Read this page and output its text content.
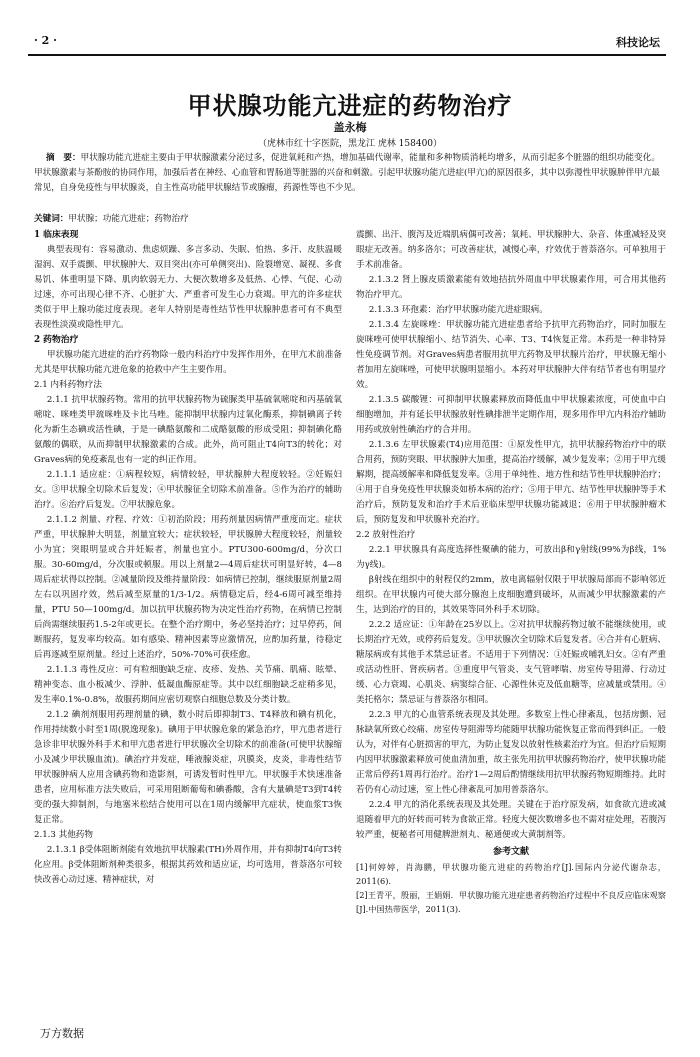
· 2 ·	科技论坛
甲状腺功能亢进症的药物治疗
盖永梅
（虎林市红十字医院，黑龙江 虎林 158400）
摘　要：甲状腺功能亢进症主要由于甲状腺激素分泌过多，促进氧耗和产热，增加基础代谢率，能量和多种物质消耗均增多，从而引起多个脏器的组织功能变化。甲状腺激素与茶酚胺的协同作用，加强后者在神经、心血管和胃肠道等脏器的兴奋和刺激。引起甲状腺功能亢进症(甲亢)的原因很多，其中以弥漫性甲状腺肿伴甲亢最常见，自身免疫性与甲状腺炎，自主性高功能甲状腺结节或腺瘤，药源性等也不少见。
关键词：甲状腺；功能亢进症；药物治疗
1 临床表现

典型表现有：容易激动、焦虑烦躁、多言多动、失眠、怕热、多汗、皮肤温暖湿润、双手震颤、甲状腺肿大、双目突出(亦可单侧突出)、险裂增宽、凝视、多食易饥、体重明显下降、肌肉软弱无力、大便次数增多及低热、心悸、气促、心动过速，亦可出现心律不齐、心脏扩大、严重者可发生心力衰竭。甲亢的许多症状类似于甲上腺功能过度表现。老年人特别是毒性结节性甲状腺肿患者可有不典型表现性淡漠或隐性甲亢。

2 药物治疗

甲状腺功能亢进症的治疗药物除一般内科治疗中发挥作用外，在甲亢术前准备尤其是甲状腺功能亢进危象的抢救中产生主要作用。

2.1 内科药物疗法

2.1.1 抗甲状腺药物。常用的抗甲状腺药物为硫脲类甲基硫氧嘧啶和丙基硫氧嘧啶、咪唑类甲巯咪唑及卡比马唑。能抑制甲状腺内过氧化酶系，抑制碘离子转化为新生态碘或活性碘，于是一碘酪氨酸和二成酪氨酸的形成受阻；抑制碘化酪氨酸的偶联，从而抑制甲状腺激素的合成。此外，尚可阻止T4向T3的转化；对Graves病的免疫紊乱也有一定的纠正作用。

2.1.1.1 适应症：①病程较短，病情较轻，甲状腺肿大程度较轻。②妊娠妇女。③甲状腺全切除术后复发；④甲状腺征全切除术前准备。⑤作为治疗的辅助治疗。⑥治疗后复发。⑦甲状腺危象。

2.1.1.2 剂量、疗程、疗效：①初治阶段；用药剂量因病情严重度而定。症状严重，甲状腺肿大明显，剂量宜较大；症状较轻，甲状腺肿大程度较轻，剂量较小为宜；突眼明显或合并妊娠者，剂量也宜小。PTU300-600mg/d，分次口服。30-60mg/d，分次服或顿服。用以上剂量2—4周后症状可明显好转，4—8周后症状得以控制。②减量阶段及维持量阶段：如病情已控制，继续服原剂量2周左右以巩固疗效，然后减至原量的1/3-1/2。病情稳定后，经4-6周可减至维持量，PTU 50—100mg/d。加以抗甲状腺药物为决定性治疗药物，在病情已控制后尚需继续服药1.5-2年或更长。在整个治疗期中，务必坚持治疗；过早停药，间断服药，复发率均较高。如有感染、精神因素等应激情况，应酌加药量，待稳定后再逐减至原剂量。经过上述治疗，50%-70%可获痊愈。

2.1.1.3 毒性反应：可有粒细胞缺乏症、皮疹、发热、关节痛、肌痛、眩晕、精神变态、血小板减少、浮肿、低凝血酶原症等。其中以红细胞缺乏症稍多见，发生率0.1%-0.8%，故服药期间应密切观察白细胞总数及分类计数。

2.1.2 碘剂剂服用药理剂量的碘，数小时后即抑制T3、T4释放和碘有机化，作用持续数小时至1周(脱逸现象)。碘用于甲状腺危象的紧急治疗，甲亢患者进行急诊非甲状腺外科手术和甲亢患者进行甲状腺次全切除术的前准备(可使甲状腺缩小及减少甲状腺血流)。碘治疗并发症，唾液腺炎症，巩膜炎，皮炎，非毒性结节甲状腺肿病人应用含碘药物和造影剂，可诱发暂时性甲亢。甲状腺手术快速准备患者，应用标准方法失败后，可采用阻断葡萄和碘番酸，含有大量碘是T3到T4转变的强大抑制剂，与地塞米松结合使用可以在1周内缓解甲亢症状，使血浆T3恢复正常。

2.1.3 其他药物

2.1.3.1 β受体阻断剂能有效地抗甲状腺素(TH)外周作用，并有抑制T4向T3转化应用。β受体阻断剂种类很多，根据其药效和适应证，均可选用，普萘洛尔可较快改善心动过速、精神症状，对

震颤、出汗、腹泻及近端肌病偶可改善；氧耗、甲状腺肿大、杂音、体重减轻及突眼症无改善。纳多洛尔；可改善症状，减慢心率，疗效优于普萘洛尔。可单独用于手术前准备。

2.1.3.2 肾上腺皮质激素能有效地拮抗外周血中甲状腺素作用，可合用其他药物治疗甲亢。

2.1.3.3 环孢素：治疗甲状腺功能亢进症眼病。

2.1.3.4 左旋咪唑：甲状腺功能亢进症患者给予抗甲亢药物治疗，同时加服左旋咪唑可使甲状腺缩小、结节消失、心率、T3、T4恢复正常。本药是一种非特异性免疫调节剂。对Graves病患者服用抗甲亢药物及甲状腺片治疗，甲状腺无缩小者加用左旋咪唑，可使甲状腺明显缩小。本药对甲状腺肿大伴有结节者也有明显疗效。

2.1.3.5 碳酸锂：可抑制甲状腺素释放而降低血中甲状腺素浓度，可使血中白细胞增加，并有延长甲状腺放射性碘排泄半定期作用，现多用作甲亢内科治疗辅助用药或放射性碘治疗的合并用。

2.1.3.6 左甲状腺素(T4)应用范围：①原发性甲亢，抗甲状腺药物治疗中的联合用药，预防突眼、甲状腺肿大加重，提高治疗缓解，减少复发率；②用于甲亢缓解期，提高缓解率和降低复发率。③用于单纯性、地方性和结节性甲状腺肿治疗；④用于自身免疫性甲状腺炎如桥本病的治疗；⑤用于甲亢、结节性甲状腺肿等手术治疗后，预防复发和治疗手术后亚临床型甲状腺功能减退；⑥用于甲状腺肿瘤术后，预防复发和甲状腺补充治疗。

2.2 放射性治疗

2.2.1 甲状腺具有高度选择性聚碘的能力，可放出β和γ射线(99%为β线，1%为γ线)。

β射线在组织中的射程仅约2mm，放电离辐射仅限于甲状腺局部而不影响邻近组织。在甲状腺内可使大部分腺泡上皮细胞遭到破坏，从而减少甲状腺激素的产生，达到治疗的目的，其效果等同外科手术切除。

2.2.2 适应证：①年龄在25岁以上。②对抗甲状腺药物过敏不能继续使用，或长期治疗无效，或停药后复发。③甲状腺次全切除术后复发者。④合并有心脏病、糖尿病或有其他手术禁忌证者。不适用于下列情况：①妊娠或哺乳妇女。②有严重或活动性肝、肾疾病者。③重度甲气管炎、支气管哮喘、房室传导阻滞、行动过缓、心力衰竭、心肌炎、病窦综合征、心源性休克及低血糖等，应减量或禁用。④美托格尔；禁忌证与普萘洛尔相同。

2.2.3 甲亢的心血管系统表现及其处理。多数室上性心律紊乱，包括房颤、冠脉缺氧所致心绞痛、房室传导阻滞等均能随甲状腺功能恢复正常而得到纠正。一般认为，对伴有心脏损害的甲亢，为防止复发以放射性核素治疗为宜。但治疗后短期内因甲状腺激素释放可使血清加重，故主张先用抗甲状腺药物治疗，使甲状腺功能正常后停药1周再行治疗。治疗1—2周后酌情继续用抗甲状腺药物短期维持。此时若仍有心动过速，室上性心律紊乱可加用普萘洛尔。

2.2.4 甲亢的消化系统表现及其处理。关键在于治疗原发病，如食欲亢进或减退随着甲亢的好转而可转为食欲正常。轻度大便次数增多也不需对症处理，若腹泻较严重，便秘者可用健脾泄剂丸、秘通便或大黄制剂等。

参考文献

[1]何婷婷，肖海鹏，甲状腺功能亢进症的药物治疗[J].国际内分泌代谢杂志，2011(6).

[2]王青平，殷丽，王娟娟．甲状腺功能亢进症患者药物治疗过程中不良反应临床观察[J].中国热带医学，2011(3).

万方数据
